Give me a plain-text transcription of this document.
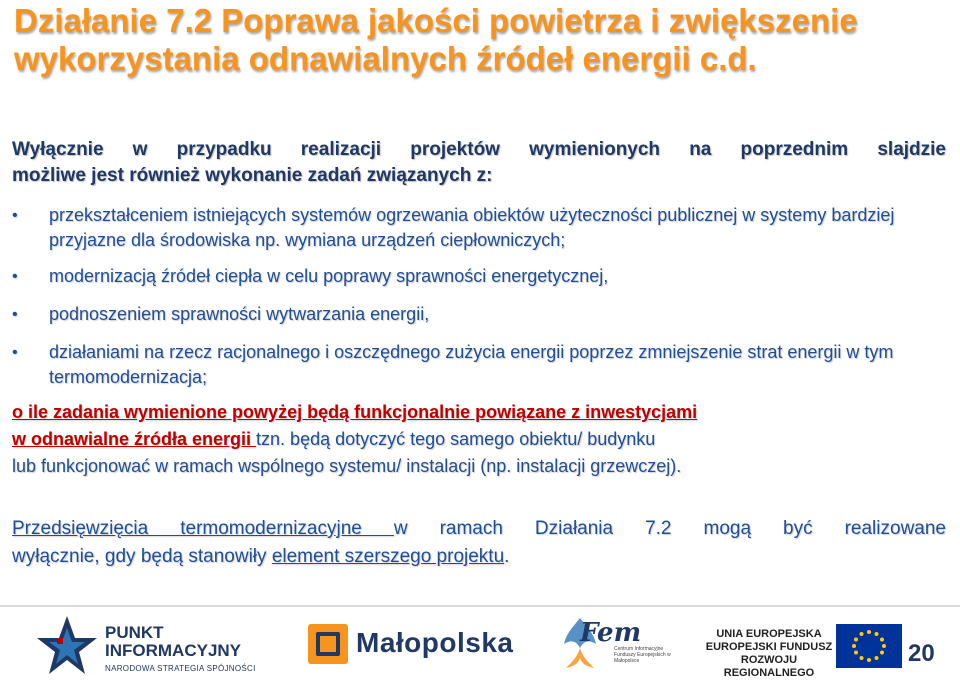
Działanie 7.2 Poprawa jakości powietrza i zwiększenie
wykorzystania odnawialnych źródeł energii c.d.
Wyłącznie w przypadku realizacji projektów wymienionych na poprzednim slajdzie
możliwe jest również wykonanie zadań związanych z:
• przekształceniem istniejących systemów ogrzewania obiektów użyteczności publicznej w systemy bardziej przyjazne dla środowiska np. wymiana urządzeń ciepłowniczych;
• modernizacją źródeł ciepła w celu poprawy sprawności energetycznej,
• podnoszeniem sprawności wytwarzania energii,
• działaniami na rzecz racjonalnego i oszczędnego zużycia energii poprzez zmniejszenie strat energii w tym termomodernizacja;
o ile zadania wymienione powyżej będą funkcjonalnie powiązane z inwestycjami
w odnawialne źródła energii tzn. będą dotyczyć tego samego obiektu/ budynku
lub funkcjonować w ramach wspólnego systemu/ instalacji (np. instalacji grzewczej).
Przedsięwzięcia termomodernizacyjne w ramach Działania 7.2 mogą być realizowane
wyłącznie, gdy będą stanowiły element szerszego projektu.
PUNKT
INFORMACYJNY
NARODOWA STRATEGIA SPÓJNOŚCI
Małopolska	Fem
Centrum Informacyjne Funduszy Europejskich w Małopolsce
UNIA EUROPEJSKA
EUROPEJSKI FUNDUSZ
ROZWOJU REGIONALNEGO
20
